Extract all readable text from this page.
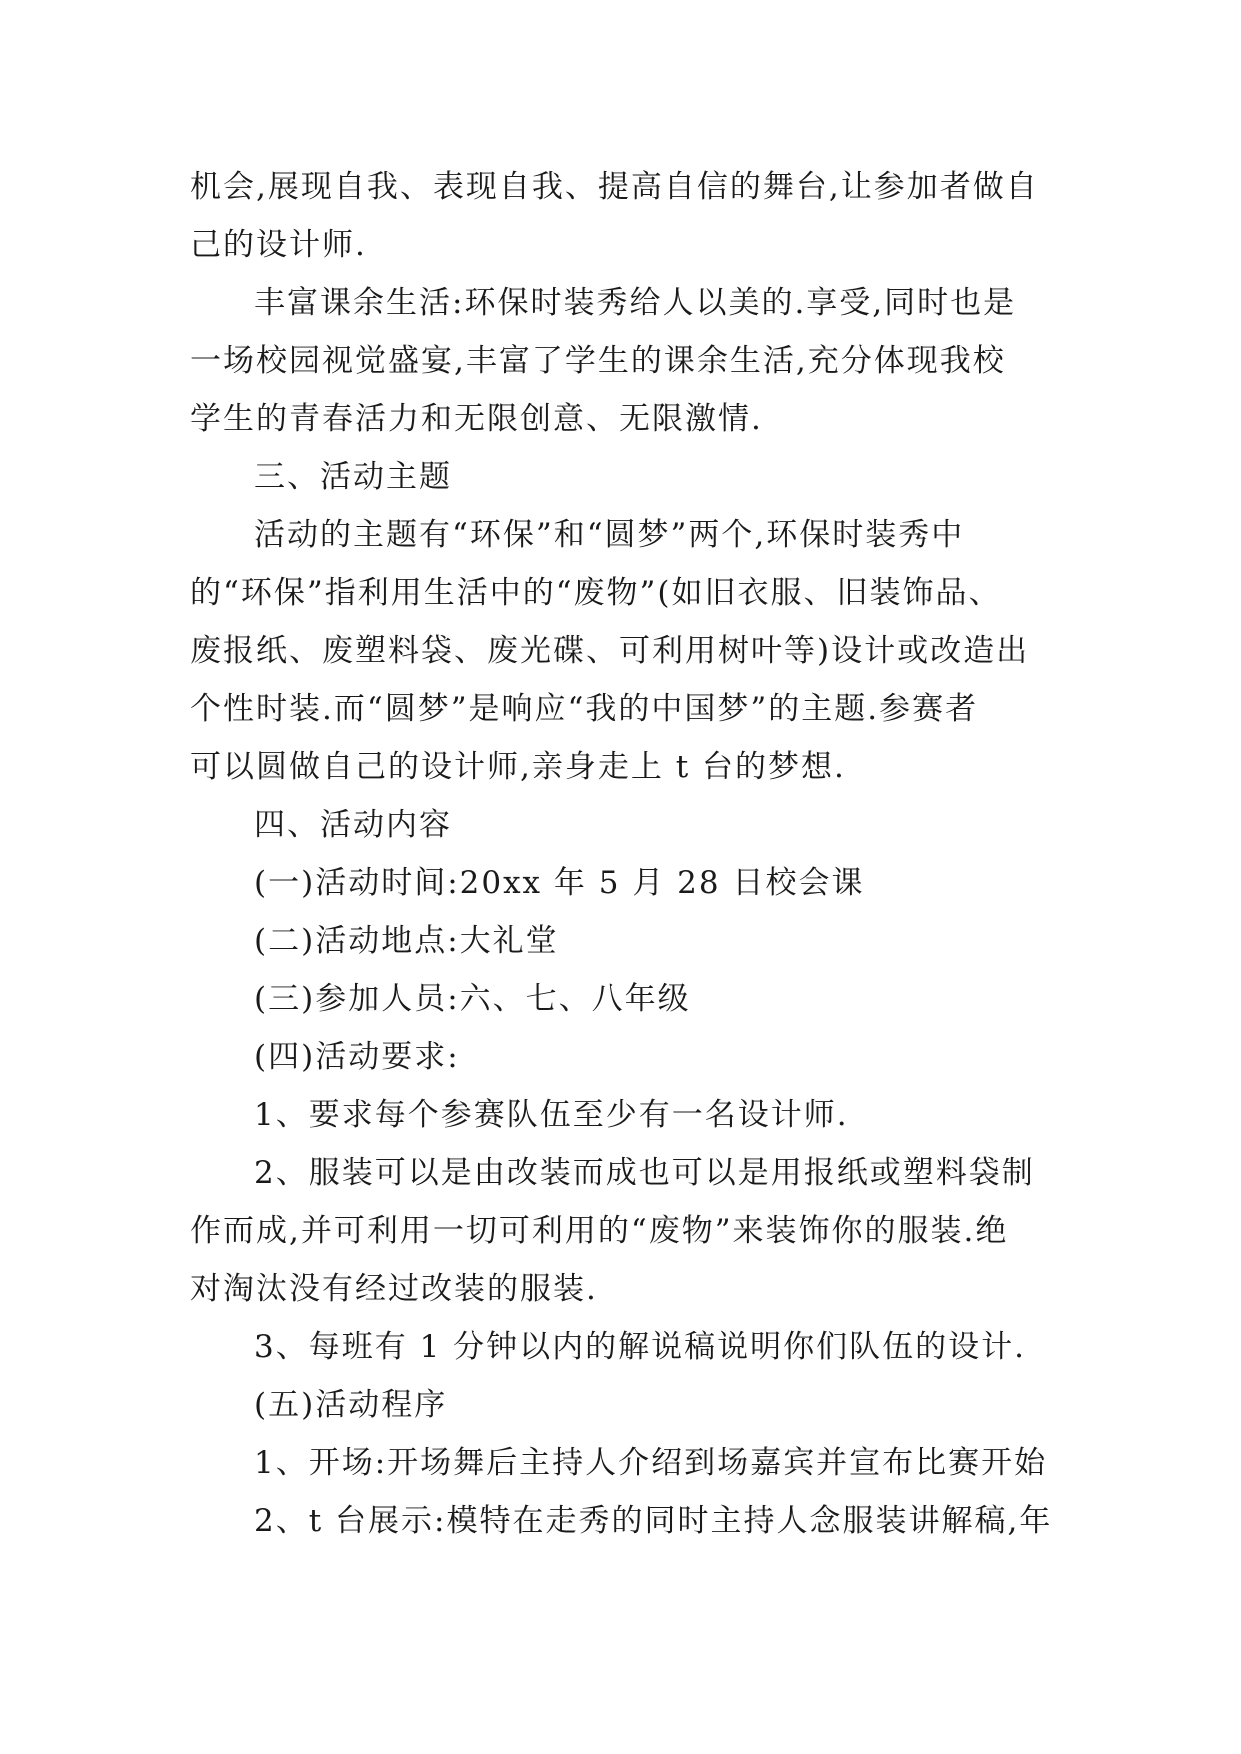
机会,展现自我、表现自我、提高自信的舞台,让参加者做自
己的设计师.
丰富课余生活:环保时装秀给人以美的.享受,同时也是
一场校园视觉盛宴,丰富了学生的课余生活,充分体现我校
学生的青春活力和无限创意、无限激情.
三、活动主题
活动的主题有“环保”和“圆梦”两个,环保时装秀中
的“环保”指利用生活中的“废物”(如旧衣服、旧装饰品、
废报纸、废塑料袋、废光碟、可利用树叶等)设计或改造出
个性时装.而“圆梦”是响应“我的中国梦”的主题.参赛者
可以圆做自己的设计师,亲身走上 t 台的梦想.
四、活动内容
(一)活动时间:20xx 年 5 月 28 日校会课
(二)活动地点:大礼堂
(三)参加人员:六、七、八年级
(四)活动要求:
1、要求每个参赛队伍至少有一名设计师.
2、服装可以是由改装而成也可以是用报纸或塑料袋制
作而成,并可利用一切可利用的“废物”来装饰你的服装.绝
对淘汰没有经过改装的服装.
3、每班有 1 分钟以内的解说稿说明你们队伍的设计.
(五)活动程序
1、开场:开场舞后主持人介绍到场嘉宾并宣布比赛开始
2、t 台展示:模特在走秀的同时主持人念服装讲解稿,年
